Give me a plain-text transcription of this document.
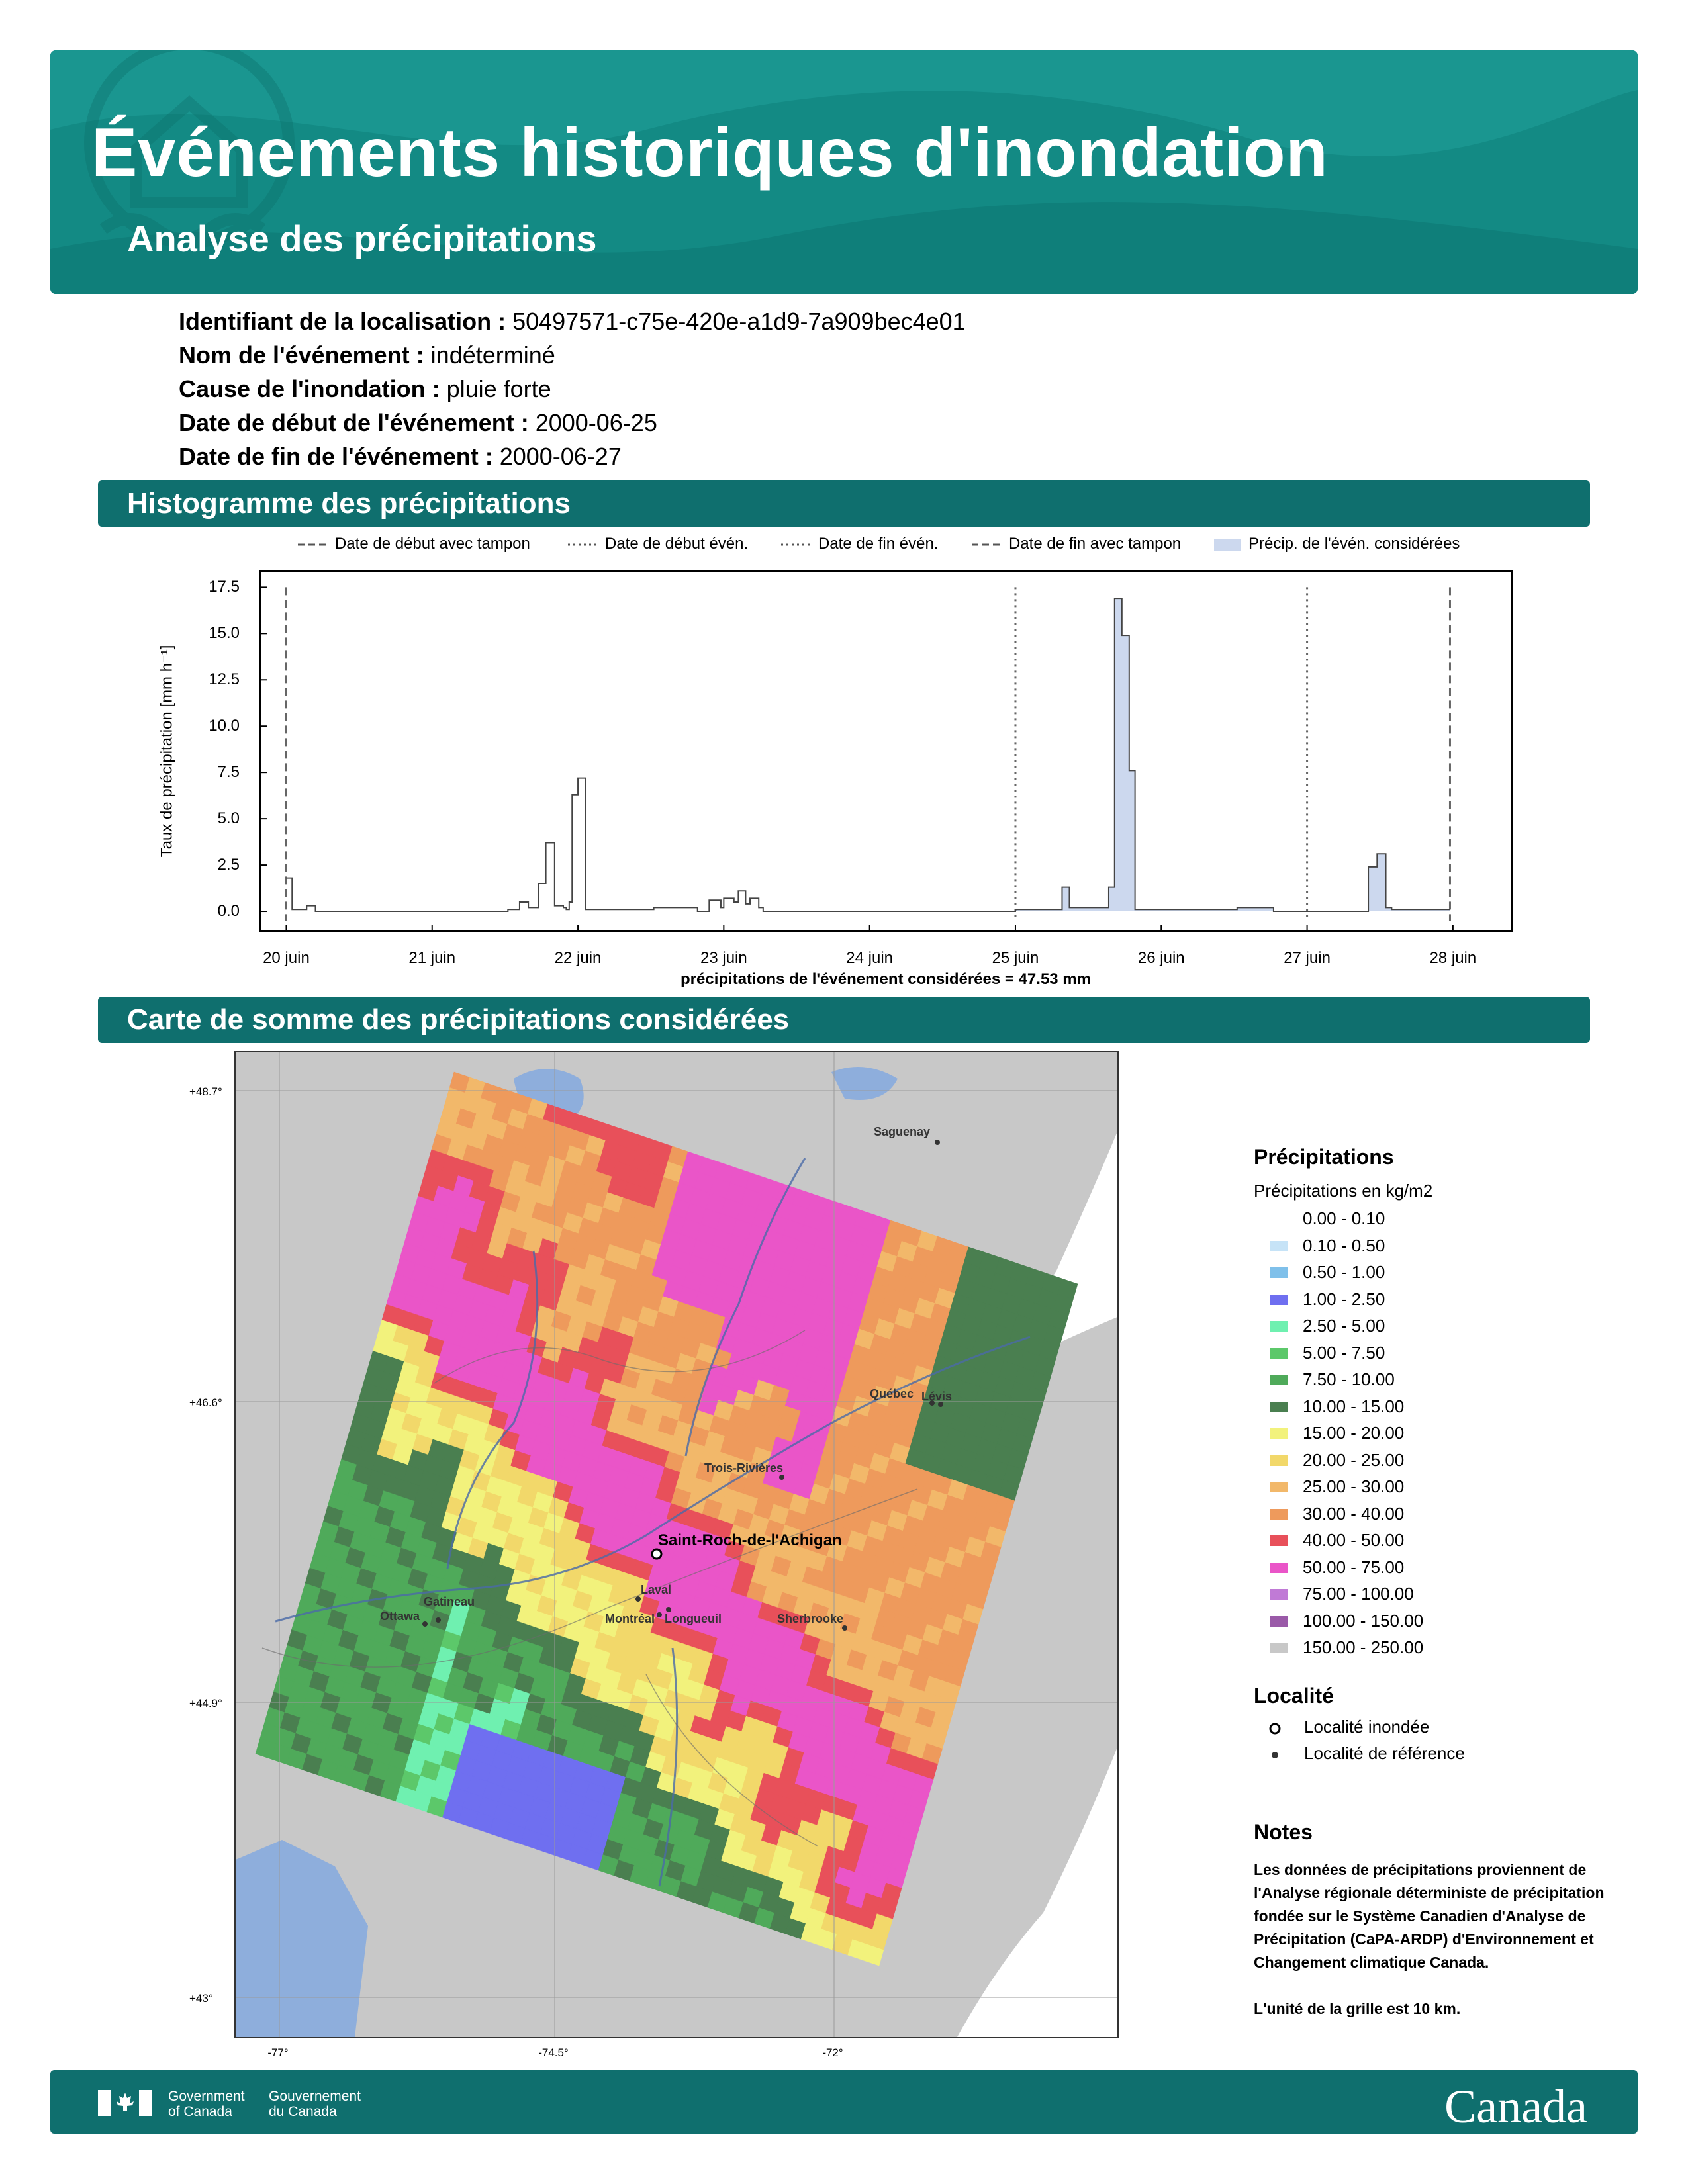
Événements historiques d'inondation
Analyse des précipitations
Identifiant de la localisation : 50497571-c75e-420e-a1d9-7a909bec4e01
Nom de l'événement : indéterminé
Cause de l'inondation : pluie forte
Date de début de l'événement : 2000-06-25
Date de fin de l'événement : 2000-06-27
Histogramme des précipitations
Date de début avec tampon	Date de début évén.	Date de fin évén.	Date de fin avec tampon	Précip. de l'évén. considérées
Taux de précipitation [mm h⁻¹]
0.0
2.5
5.0
7.5
10.0
12.5
15.0
17.5
20 juin	21 juin	22 juin	23 juin	24 juin	25 juin	26 juin	27 juin	28 juin
précipitations de l'événement considérées = 47.53 mm
Carte de somme des précipitations considérées
+48.7°
+46.6°
+44.9°
+43°
-77°	-74.5°	-72°
Saguenay
Québec Lévis
Trois-Rivières
Saint-Roch-de-l'Achigan
Laval
Gatineau
Ottawa	Montréal Longueuil	Sherbrooke
Précipitations
Précipitations en kg/m2
0.00 - 0.10
0.10 - 0.50
0.50 - 1.00
1.00 - 2.50
2.50 - 5.00
5.00 - 7.50
7.50 - 10.00
10.00 - 15.00
15.00 - 20.00
20.00 - 25.00
25.00 - 30.00
30.00 - 40.00
40.00 - 50.00
50.00 - 75.00
75.00 - 100.00
100.00 - 150.00
150.00 - 250.00
Localité
Localité inondée
Localité de référence
Notes
Les données de précipitations proviennent de l'Analyse régionale déterministe de précipitation fondée sur le Système Canadien d'Analyse de Précipitation (CaPA-ARDP) d'Environnement et Changement climatique Canada.
L'unité de la grille est 10 km.
Government
of Canada
Gouvernement
du Canada	Canada
